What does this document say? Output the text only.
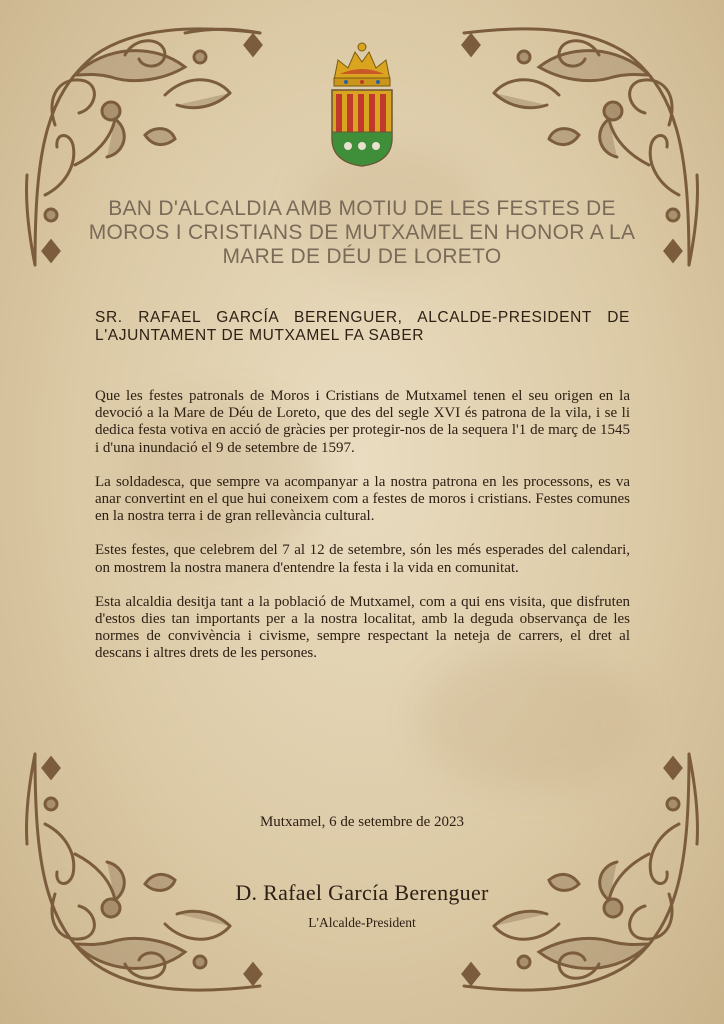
BAN D'ALCALDIA AMB MOTIU DE LES FESTES DE MOROS I CRISTIANS DE MUTXAMEL EN HONOR A LA MARE DE DÉU DE LORETO
SR. RAFAEL GARCÍA BERENGUER, ALCALDE-PRESIDENT DE L'AJUNTAMENT DE MUTXAMEL FA SABER

Que les festes patronals de Moros i Cristians de Mutxamel tenen el seu origen en la devoció a la Mare de Déu de Loreto, que des del segle XVI és patrona de la vila, i se li dedica festa votiva en acció de gràcies per protegir-nos de la sequera l'1 de març de 1545 i d'una inundació el 9 de setembre de 1597.

La soldadesca, que sempre va acompanyar a la nostra patrona en les processons, es va anar convertint en el que hui coneixem com a festes de moros i cristians. Festes comunes en la nostra terra i de gran rellevància cultural.

Estes festes, que celebrem del 7 al 12 de setembre, són les més esperades del calendari, on mostrem la nostra manera d'entendre la festa i la vida en comunitat.

Esta alcaldia desitja tant a la població de Mutxamel, com a qui ens visita, que disfruten d'estos dies tan importants per a la nostra localitat, amb la deguda observança de les normes de convivència i civisme, sempre respectant la neteja de carrers, el dret al descans i altres drets de les persones.

Mutxamel, 6 de setembre de 2023
D. Rafael García Berenguer
L'Alcalde-President
